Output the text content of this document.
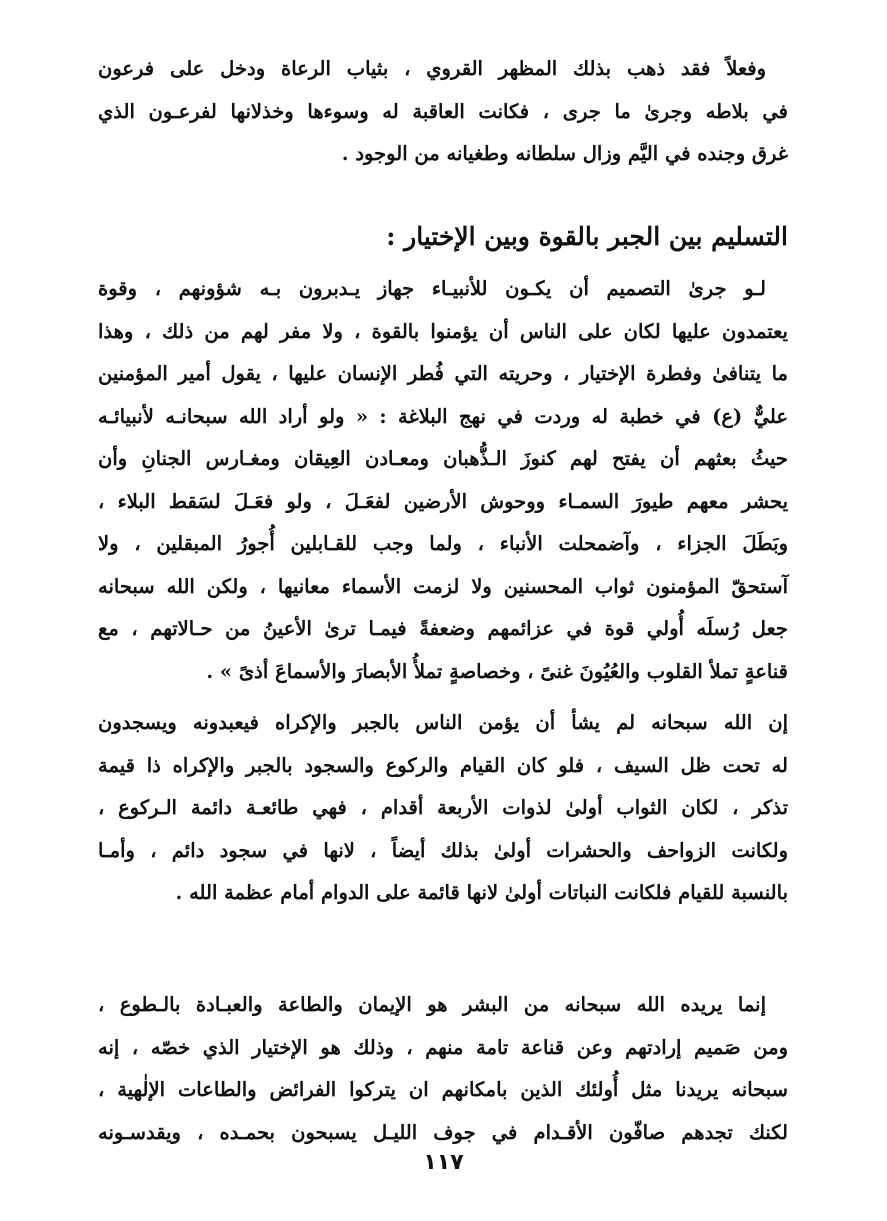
وفعلاً فقد ذهب بذلك المظهر القروي ، بثياب الرعاة ودخل على فرعون
في بلاطه وجرىٰ ما جرى ، فكانت العاقبة له وسوءها وخذلانها لفرعـون الذي
غرق وجنده في اليَّم وزال سلطانه وطغيانه من الوجود .

التسليم بين الجبر بالقوة وبين الإختيار :

لـو جرىٰ التصميم أن يكـون للأنبيـاء جهاز يـدبرون بـه شؤونهم ، وقوة
يعتمدون عليها لكان على الناس أن يؤمنوا بالقوة ، ولا مفر لهم من ذلك ، وهذا
ما يتنافىٰ وفطرة الإختيار ، وحريته التي فُطر الإنسان عليها ، يقول أمير المؤمنين
عليٌّ (ع) في خطبة له وردت في نهج البلاغة : « ولو أراد الله سبحانـه لأنبيائـه
حيثُ بعثهم أن يفتح لهم كنوزَ الـذُّهبان ومعـادن العِيقان ومغـارس الجنانِ وأن
يحشر معهم طيورَ السمـاء ووحوش الأرضين لفعَـلَ ، ولو فعَـلَ لسَقط البلاء ،
وبَطَلَ الجزاء ، وآضمحلت الأنباء ، ولما وجب للقـابلين أُجورُ المبقلين ، ولا
آستحقّ المؤمنون ثواب المحسنين ولا لزمت الأسماء معانيها ، ولكن الله سبحانه
جعل رُسلَه أُولي قوة في عزائمهم وضعفةً فيمـا ترىٰ الأعينُ من حـالاتهم ، مع
قناعةٍ تملأ القلوب والعُيُونَ غنىً ، وخصاصةٍ تملأُ الأبصارَ والأسماعَ أذىً » .

إن الله سبحانه لم يشأ أن يؤمن الناس بالجبر والإكراه فيعبدونه ويسجدون
له تحت ظل السيف ، فلو كان القيام والركوع والسجود بالجبر والإكراه ذا قيمة
تذكر ، لكان الثواب أولىٰ لذوات الأربعة أقدام ، فهي طائعـة دائمة الـركوع ،
ولكانت الزواحف والحشرات أولىٰ بذلك أيضاً ، لانها في سجود دائم ، وأمـا
بالنسبة للقيام فلكانت النباتات أولىٰ لانها قائمة على الدوام أمام عظمة الله .

إنما يريده الله سبحانه من البشر هو الإيمان والطاعة والعبـادة بالـطوع ،
ومن صَميم إرادتهم وعن قناعة تامة منهم ، وذلك هو الإختيار الذي خصّه ، إنه
سبحانه يريدنا مثل أُولئك الذين بامكانهم ان يتركوا الفرائض والطاعات الإلٰهية ،
لكنك تجدهم صافّون الأقـدام في جوف الليـل يسبحون بحمـده ، ويقدسـونه

١١٧
